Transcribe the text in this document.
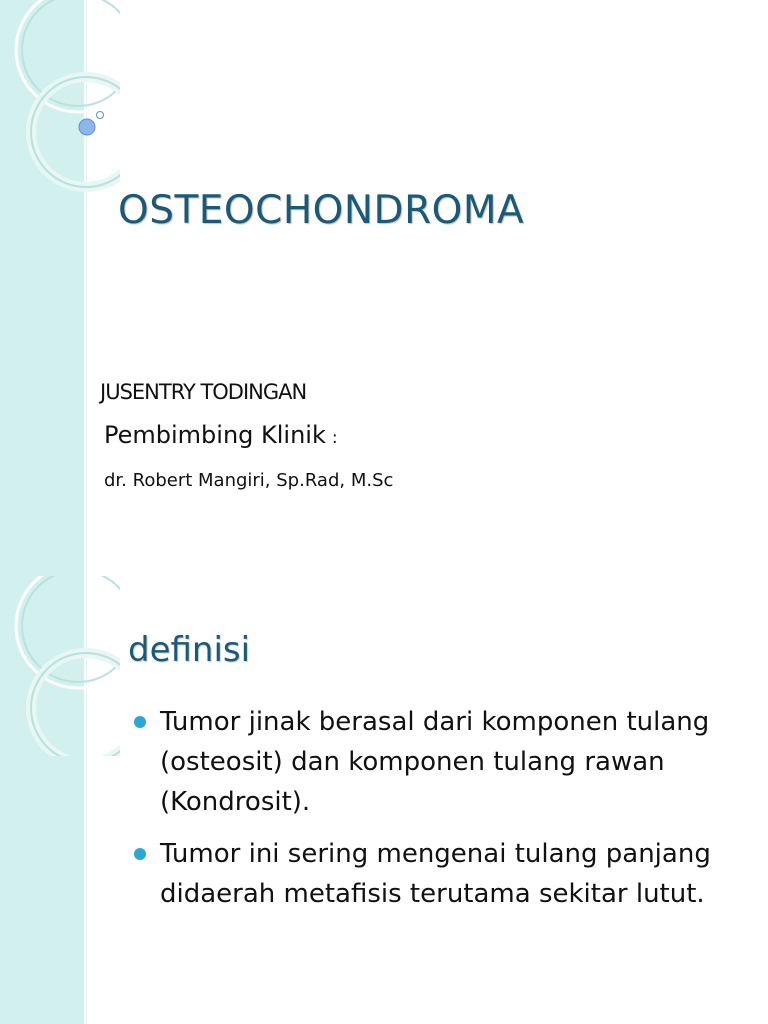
OSTEOCHONDROMA
JUSENTRY TODINGAN
Pembimbing Klinik :
dr. Robert Mangiri, Sp.Rad, M.Sc
definisi
Tumor jinak berasal dari komponen tulang (osteosit) dan komponen tulang rawan (Kondrosit).
Tumor ini sering mengenai tulang panjang didaerah metafisis terutama sekitar lutut.
